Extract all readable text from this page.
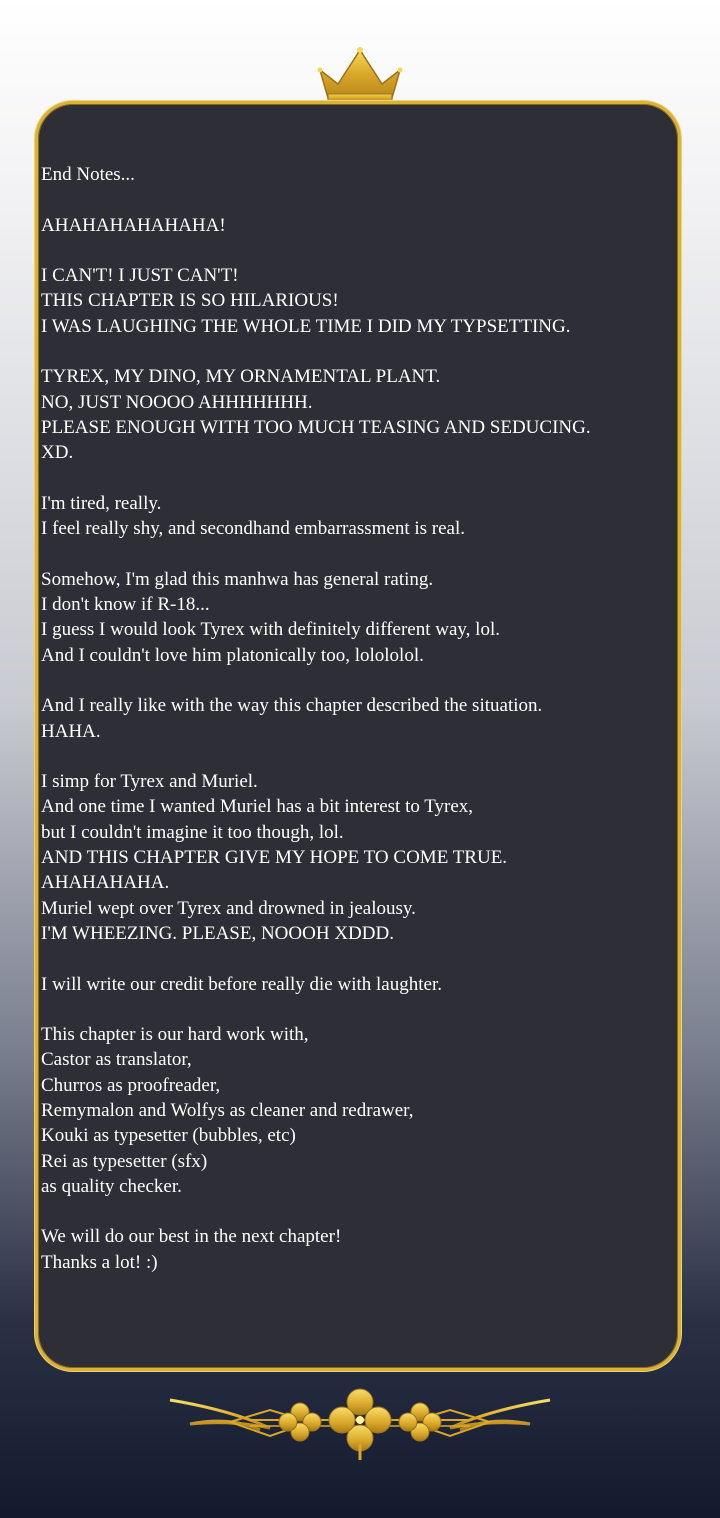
End Notes...
AHAHAHAHAHAHA!
I CAN'T! I JUST CAN'T!
THIS CHAPTER IS SO HILARIOUS!
I WAS LAUGHING THE WHOLE TIME I DID MY TYPSETTING.
TYREX, MY DINO, MY ORNAMENTAL PLANT.
NO, JUST NOOOO AHHHHHHH.
PLEASE ENOUGH WITH TOO MUCH TEASING AND SEDUCING.
XD.
I'm tired, really.
I feel really shy, and secondhand embarrassment is real.
Somehow, I'm glad this manhwa has general rating.
I don't know if R-18...
I guess I would look Tyrex with definitely different way, lol.
And I couldn't love him platonically too, lolololol.
And I really like with the way this chapter described the situation.
HAHA.
I simp for Tyrex and Muriel.
And one time I wanted Muriel has a bit interest to Tyrex,
but I couldn't imagine it too though, lol.
AND THIS CHAPTER GIVE MY HOPE TO COME TRUE.
AHAHAHAHA.
Muriel wept over Tyrex and drowned in jealousy.
I'M WHEEZING. PLEASE, NOOOH XDDD.
I will write our credit before really die with laughter.
This chapter is our hard work with,
Castor as translator,
Churros as proofreader,
Remymalon and Wolfys as cleaner and redrawer,
Kouki as typesetter (bubbles, etc)
Rei as typesetter (sfx)
as quality checker.
We will do our best in the next chapter!
Thanks a lot! :)
